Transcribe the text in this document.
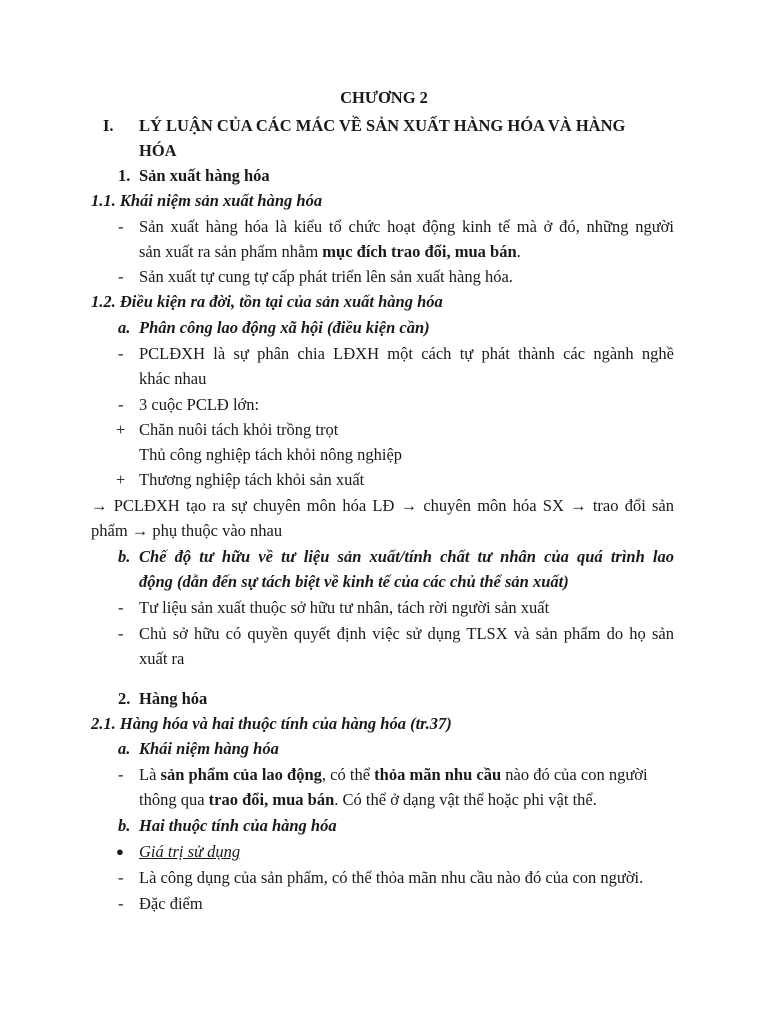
CHƯƠNG 2
I. LÝ LUẬN CỦA CÁC MÁC VỀ SẢN XUẤT HÀNG HÓA VÀ HÀNG
HÓA
1. Sản xuất hàng hóa
1.1. Khái niệm sản xuất hàng hóa
- Sản xuất hàng hóa là kiểu tổ chức hoạt động kinh tế mà ở đó, những người
sản xuất ra sản phẩm nhằm mục đích trao đổi, mua bán.
- Sản xuất tự cung tự cấp phát triển lên sản xuất hàng hóa.
1.2. Điều kiện ra đời, tồn tại của sản xuất hàng hóa
a. Phân công lao động xã hội (điều kiện cần)
- PCLĐXH là sự phân chia LĐXH một cách tự phát thành các ngành nghề
khác nhau
- 3 cuộc PCLĐ lớn:
+ Chăn nuôi tách khỏi trồng trọt
Thủ công nghiệp tách khỏi nông nghiệp
+ Thương nghiệp tách khỏi sản xuất
→ PCLĐXH tạo ra sự chuyên môn hóa LĐ → chuyên môn hóa SX → trao đổi sản
phẩm → phụ thuộc vào nhau
b. Chế độ tư hữu về tư liệu sản xuất/tính chất tư nhân của quá trình lao
động (dẫn đến sự tách biệt về kinh tế của các chủ thể sản xuất)
- Tư liệu sản xuất thuộc sở hữu tư nhân, tách rời người sản xuất
- Chủ sở hữu có quyền quyết định việc sử dụng TLSX và sản phẩm do họ sản
xuất ra
2. Hàng hóa
2.1. Hàng hóa và hai thuộc tính của hàng hóa (tr.37)
a. Khái niệm hàng hóa
- Là sản phẩm của lao động, có thể thỏa mãn nhu cầu nào đó của con người
thông qua trao đổi, mua bán. Có thể ở dạng vật thể hoặc phi vật thể.
b. Hai thuộc tính của hàng hóa
● Giá trị sử dụng
- Là công dụng của sản phẩm, có thể thỏa mãn nhu cầu nào đó của con người.
- Đặc điểm
